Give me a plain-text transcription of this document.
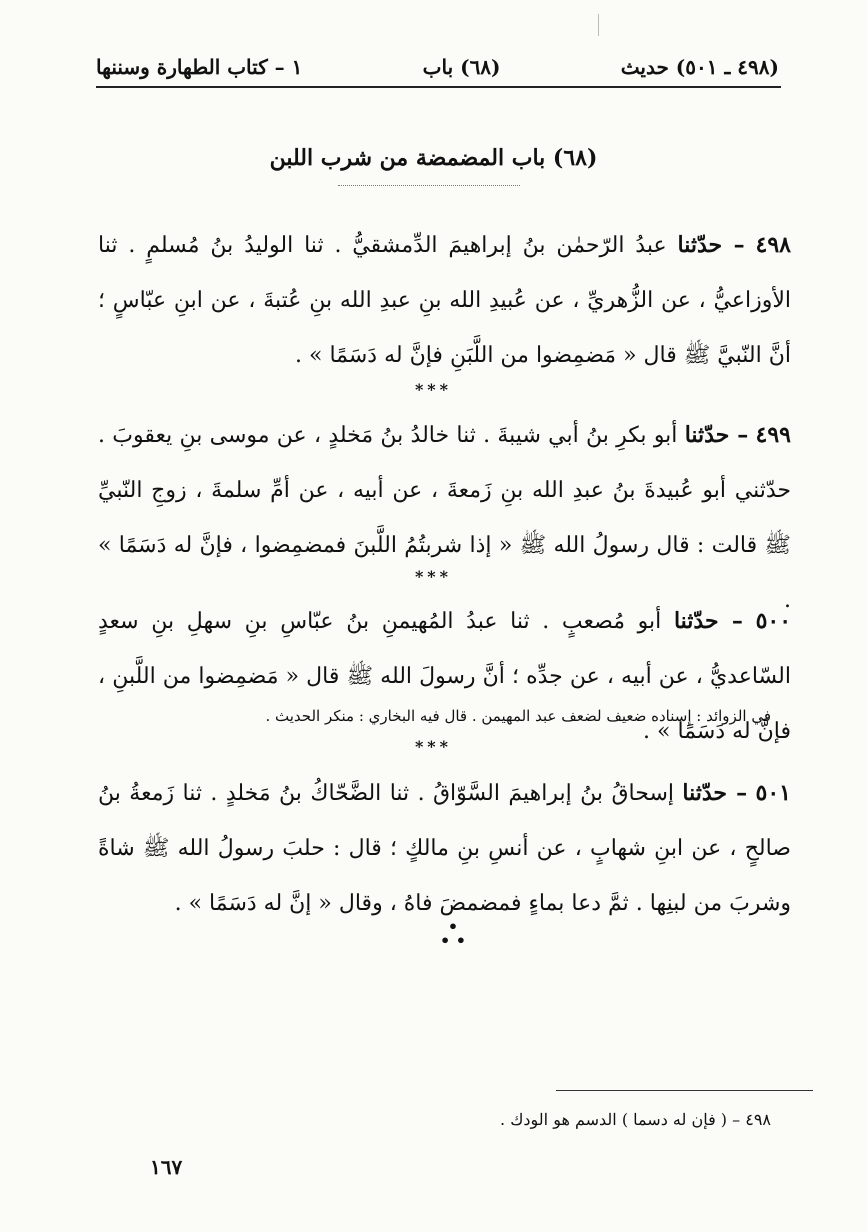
١ – كتاب الطهارة وسننها	(٦٨) باب	(٤٩٨ ـ ٥٠١) حديث
(٦٨) باب المضمضة من شرب اللبن
٤٩٨ – حدّثنا عبدُ الرّحمٰن بنُ إبراهيمَ الدِّمشقيُّ . ثنا الوليدُ بنُ مُسلمٍ . ثنا الأوزاعيُّ ، عن الزُّهريِّ ، عن عُبيدِ الله بنِ عبدِ الله بنِ عُتبةَ ، عن ابنِ عبّاسٍ ؛ أنَّ النّبيَّ ﷺ قال « مَضمِضوا من اللَّبَنِ فإنَّ له دَسَمًا » .
***
٤٩٩ – حدّثنا أبو بكرِ بنُ أبي شيبةَ . ثنا خالدُ بنُ مَخلدٍ ، عن موسى بنِ يعقوبَ . حدّثني أبو عُبيدةَ بنُ عبدِ الله بنِ زَمعةَ ، عن أبيه ، عن أمِّ سلمةَ ، زوجِ النّبيِّ ﷺ قالت : قال رسولُ الله ﷺ « إذا شربتُمُ اللَّبنَ فمضمِضوا ، فإنَّ له دَسَمًا » .
***
٥٠٠ – حدّثنا أبو مُصعبٍ . ثنا عبدُ المُهيمنِ بنُ عبّاسِ بنِ سهلِ بنِ سعدٍ السّاعديُّ ، عن أبيه ، عن جدِّه ؛ أنَّ رسولَ الله ﷺ قال « مَضمِضوا من اللَّبنِ ، فإنَّ له دَسَمًا » .
في الزوائد : إسناده ضعيف لضعف عبد المهيمن . قال فيه البخاري : منكر الحديث .
***
٥٠١ – حدّثنا إسحاقُ بنُ إبراهيمَ السَّوّاقُ . ثنا الضَّحّاكُ بنُ مَخلدٍ . ثنا زَمعةُ بنُ صالحٍ ، عن ابنِ شهابٍ ، عن أنسِ بنِ مالكٍ ؛ قال : حلبَ رسولُ الله ﷺ شاةً وشربَ من لبنِها . ثمَّ دعا بماءٍ فمضمضَ فاهُ ، وقال « إنَّ له دَسَمًا » .
•
• •
٤٩٨ – ( فإن له دسما ) الدسم هو الودك .
١٦٧
